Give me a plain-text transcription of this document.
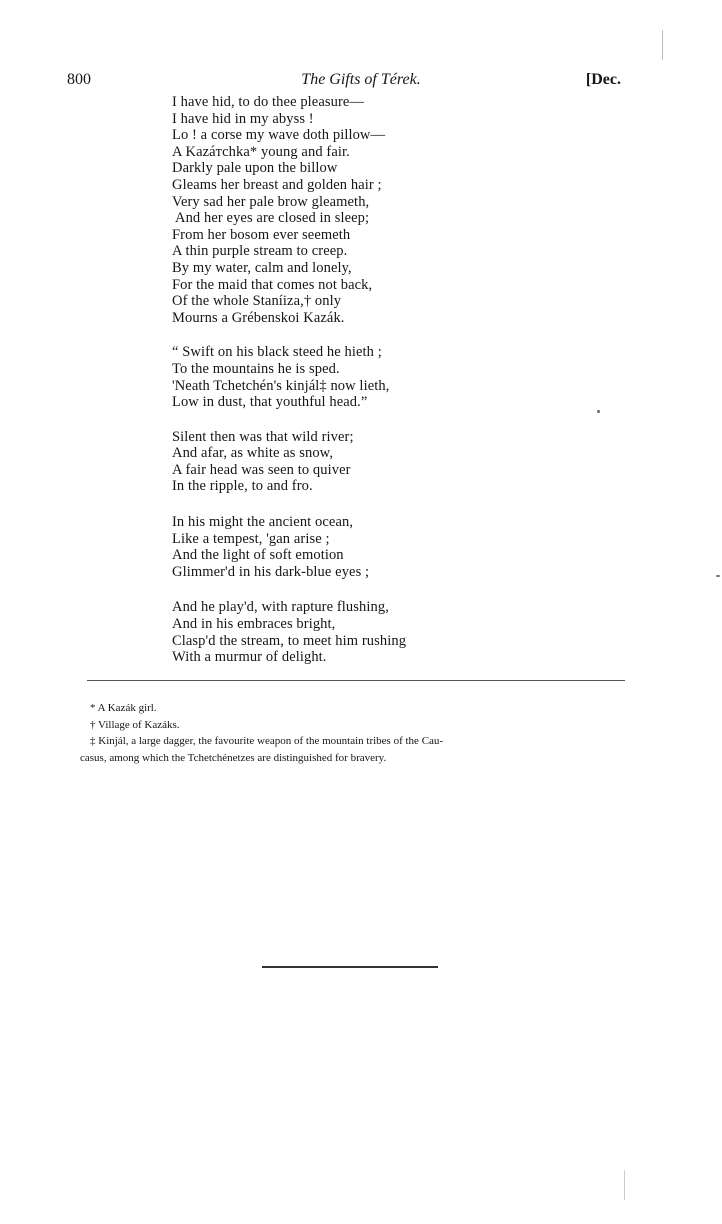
800	The Gifts of Térek.	[Dec.
I have hid, to do thee pleasure—
I have hid in my abyss !
Lo ! a corse my wave doth pillow—
A Kazáтchka* young and fair.
Darkly pale upon the billow
Gleams her breast and golden hair ;
Very sad her pale brow gleameth,
And her eyes are closed in sleep;
From her bosom ever seemeth
A thin purple stream to creep.
By my water, calm and lonely,
For the maid that comes not back,
Of the whole Staníiza,† only
Mourns a Grébenskoi Kazák.
“ Swift on his black steed he hieth ;
To the mountains he is sped.
'Neath Tchetchén's kinjál‡ now lieth,
Low in dust, that youthful head.”
Silent then was that wild river;
And afar, as white as snow,
A fair head was seen to quiver
In the ripple, to and fro.
In his might the ancient ocean,
Like a tempest, 'gan arise ;
And the light of soft emotion
Glimmer'd in his dark-blue eyes ;
And he play'd, with rapture flushing,
And in his embraces bright,
Clasp'd the stream, to meet him rushing
With a murmur of delight.
* A Kazák girl.
† Village of Kazáks.
‡ Kinjál, a large dagger, the favourite weapon of the mountain tribes of the Cau-
casus, among which the Tchetchénetzes are distinguished for bravery.
